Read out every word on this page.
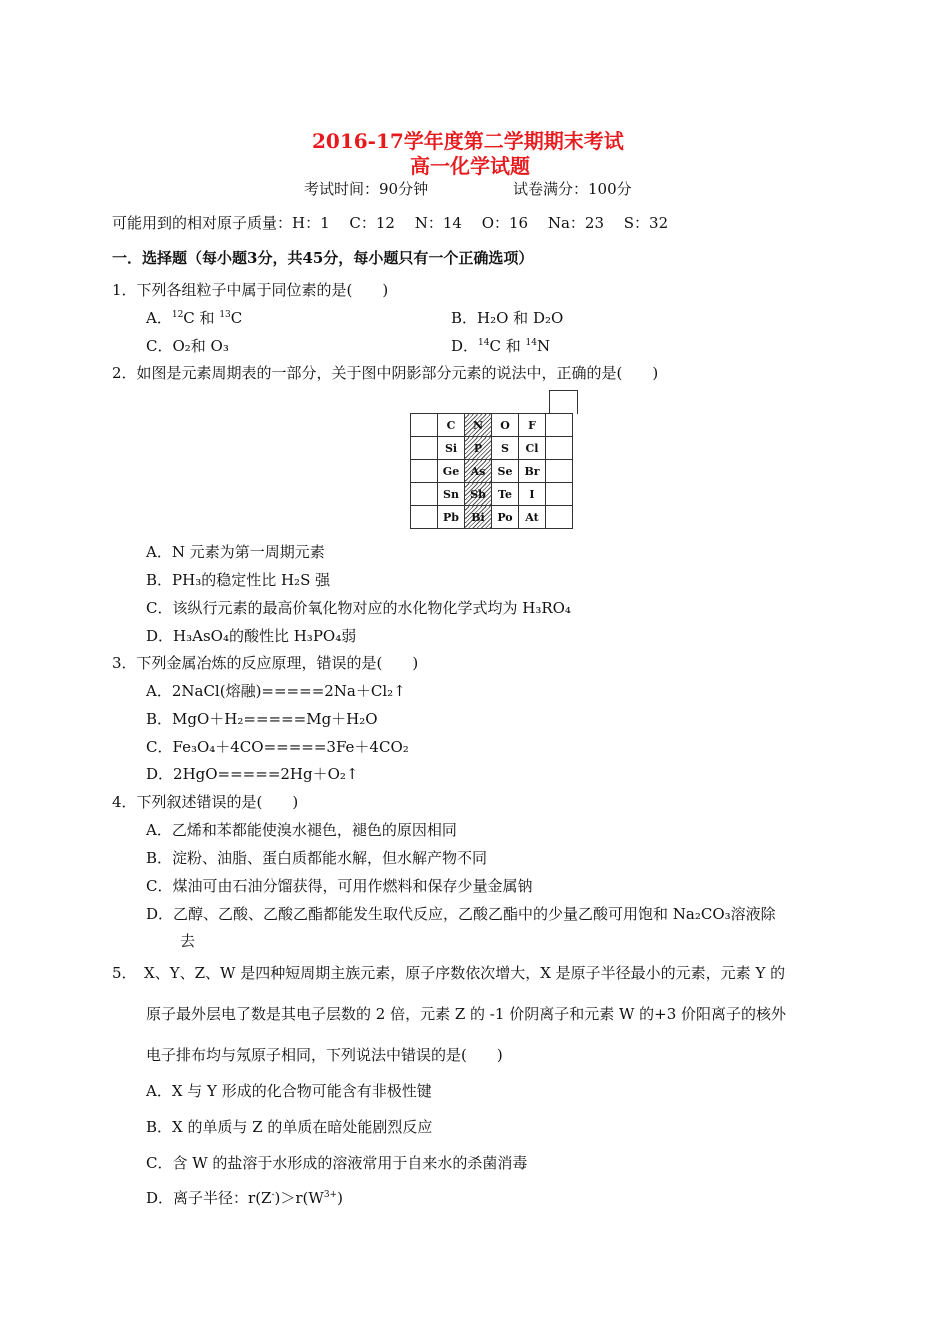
2016-17学年度第二学期期末考试
高一化学试题
考试时间：90分钟	试卷满分：100分
可能用到的相对原子质量：H：1　 C：12　 N：14　 O：16　 Na：23　 S：32
一．选择题（每小题3分，共45分，每小题只有一个正确选项）
1．下列各组粒子中属于同位素的是(　　)
A．$^{12}$C 和 $^{13}$C	B．H₂O 和 D₂O
C．O₂和 O₃	D．$^{14}$C 和 $^{14}$N
2．如图是元素周期表的一部分，关于图中阴影部分元素的说法中，正确的是(　　)
	C	N	O	F	
	Si	P	S	Cl	
	Ge	As	Se	Br	
	Sn	Sb	Te	I	
	Pb	Bi	Po	At	
A．N 元素为第一周期元素
B．PH₃的稳定性比 H₂S 强
C．该纵行元素的最高价氧化物对应的水化物化学式均为 H₃RO₄
D．H₃AsO₄的酸性比 H₃PO₄弱
3．下列金属冶炼的反应原理，错误的是(　　)
A．2NaCl(熔融)=====2Na＋Cl₂↑
B．MgO＋H₂=====Mg＋H₂O
C．Fe₃O₄＋4CO=====3Fe＋4CO₂
D．2HgO=====2Hg＋O₂↑
4．下列叙述错误的是(　　)
A．乙烯和苯都能使溴水褪色，褪色的原因相同
B．淀粉、油脂、蛋白质都能水解，但水解产物不同
C．煤油可由石油分馏获得，可用作燃料和保存少量金属钠
D．乙醇、乙酸、乙酸乙酯都能发生取代反应，乙酸乙酯中的少量乙酸可用饱和 Na₂CO₃溶液除
去
5．　X、Y、Z、W 是四种短周期主族元素，原子序数依次增大，X 是原子半径最小的元素，元素 Y 的
原子最外层电了数是其电子层数的 2 倍，元素 Z 的 -1 价阴离子和元素 W 的+3 价阳离子的核外
电子排布均与氖原子相同，下列说法中错误的是(　　)
A．X 与 Y 形成的化合物可能含有非极性键
B．X 的单质与 Z 的单质在暗处能剧烈反应
C．含 W 的盐溶于水形成的溶液常用于自来水的杀菌消毒
D．离子半径：$r(Z^-)>r(W^{3+})$
